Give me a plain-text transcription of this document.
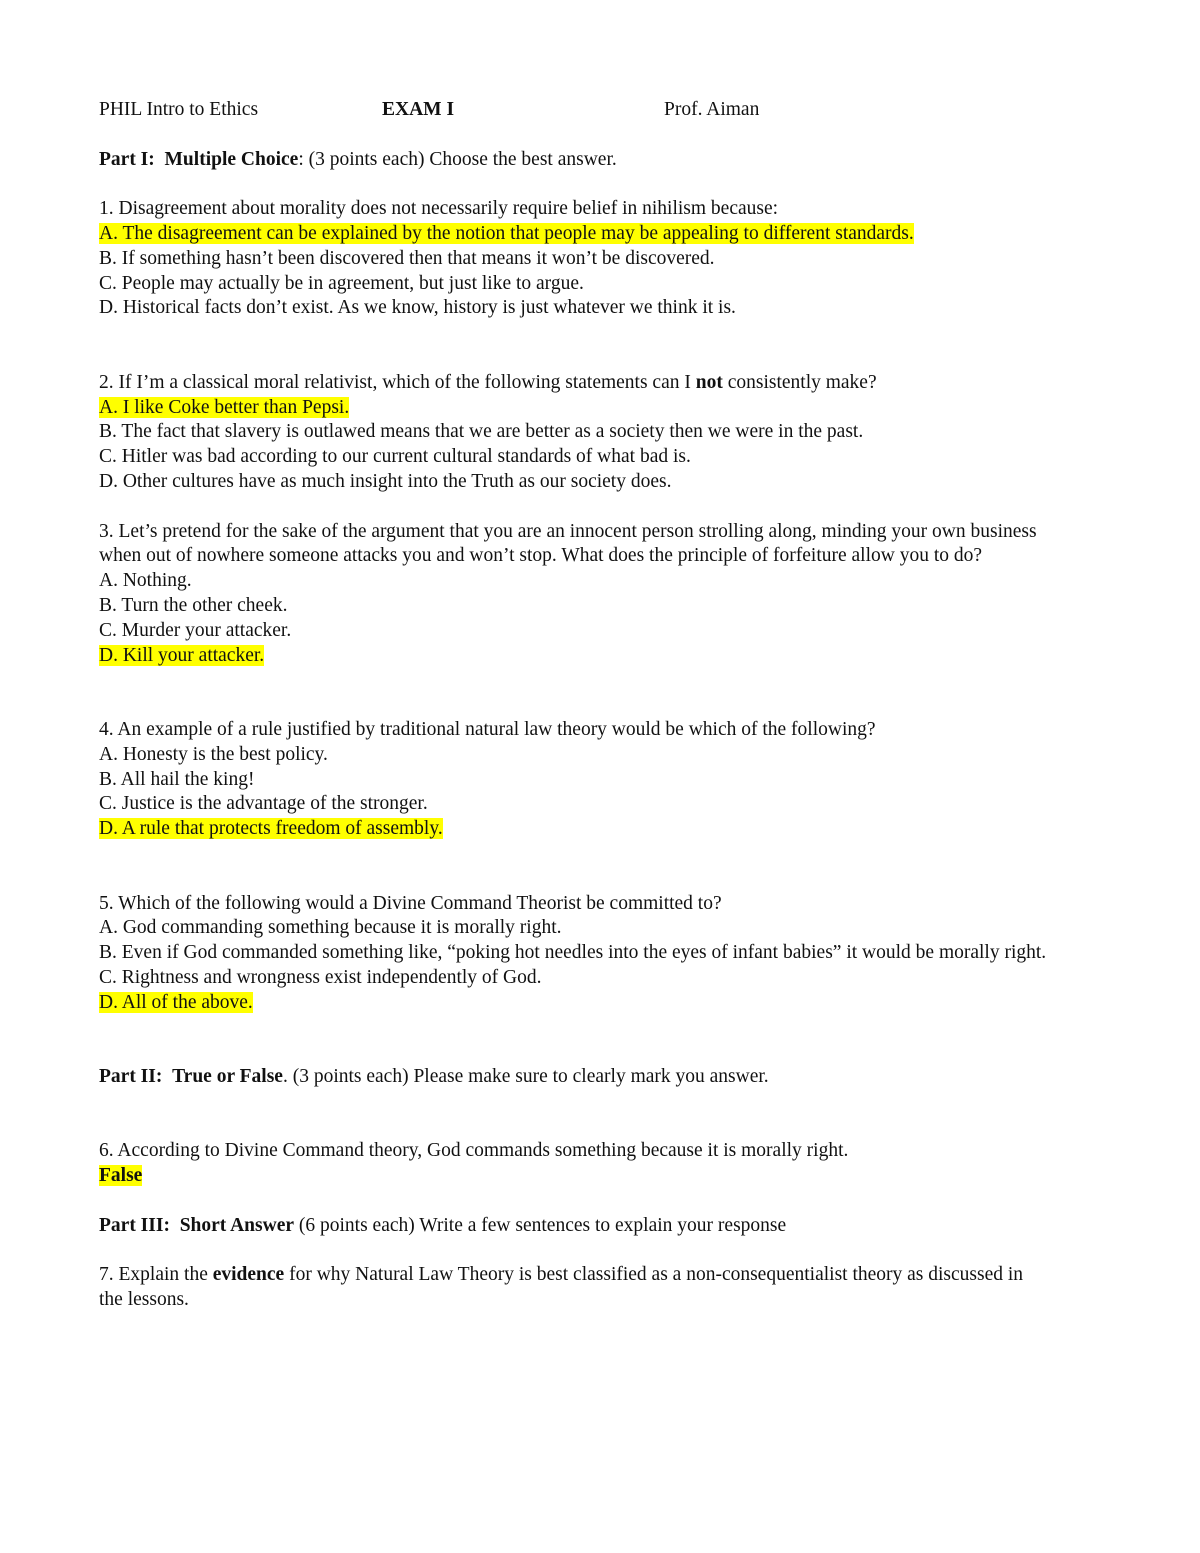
PHIL Intro to Ethics	EXAM I	Prof. Aiman
Part I: Multiple Choice: (3 points each) Choose the best answer.
1. Disagreement about morality does not necessarily require belief in nihilism because:
A. The disagreement can be explained by the notion that people may be appealing to different standards.
B. If something hasn’t been discovered then that means it won’t be discovered.
C. People may actually be in agreement, but just like to argue.
D. Historical facts don’t exist. As we know, history is just whatever we think it is.
2. If I’m a classical moral relativist, which of the following statements can I not consistently make?
A. I like Coke better than Pepsi.
B. The fact that slavery is outlawed means that we are better as a society then we were in the past.
C. Hitler was bad according to our current cultural standards of what bad is.
D. Other cultures have as much insight into the Truth as our society does.
3. Let’s pretend for the sake of the argument that you are an innocent person strolling along, minding your own business when out of nowhere someone attacks you and won’t stop. What does the principle of forfeiture allow you to do?
A. Nothing.
B. Turn the other cheek.
C. Murder your attacker.
D. Kill your attacker.
4. An example of a rule justified by traditional natural law theory would be which of the following?
A. Honesty is the best policy.
B. All hail the king!
C. Justice is the advantage of the stronger.
D. A rule that protects freedom of assembly.
5. Which of the following would a Divine Command Theorist be committed to?
A. God commanding something because it is morally right.
B. Even if God commanded something like, “poking hot needles into the eyes of infant babies” it would be morally right.
C. Rightness and wrongness exist independently of God.
D. All of the above.
Part II: True or False. (3 points each) Please make sure to clearly mark you answer.
6. According to Divine Command theory, God commands something because it is morally right.
False
Part III: Short Answer (6 points each) Write a few sentences to explain your response
7. Explain the evidence for why Natural Law Theory is best classified as a non-consequentialist theory as discussed in the lessons.
